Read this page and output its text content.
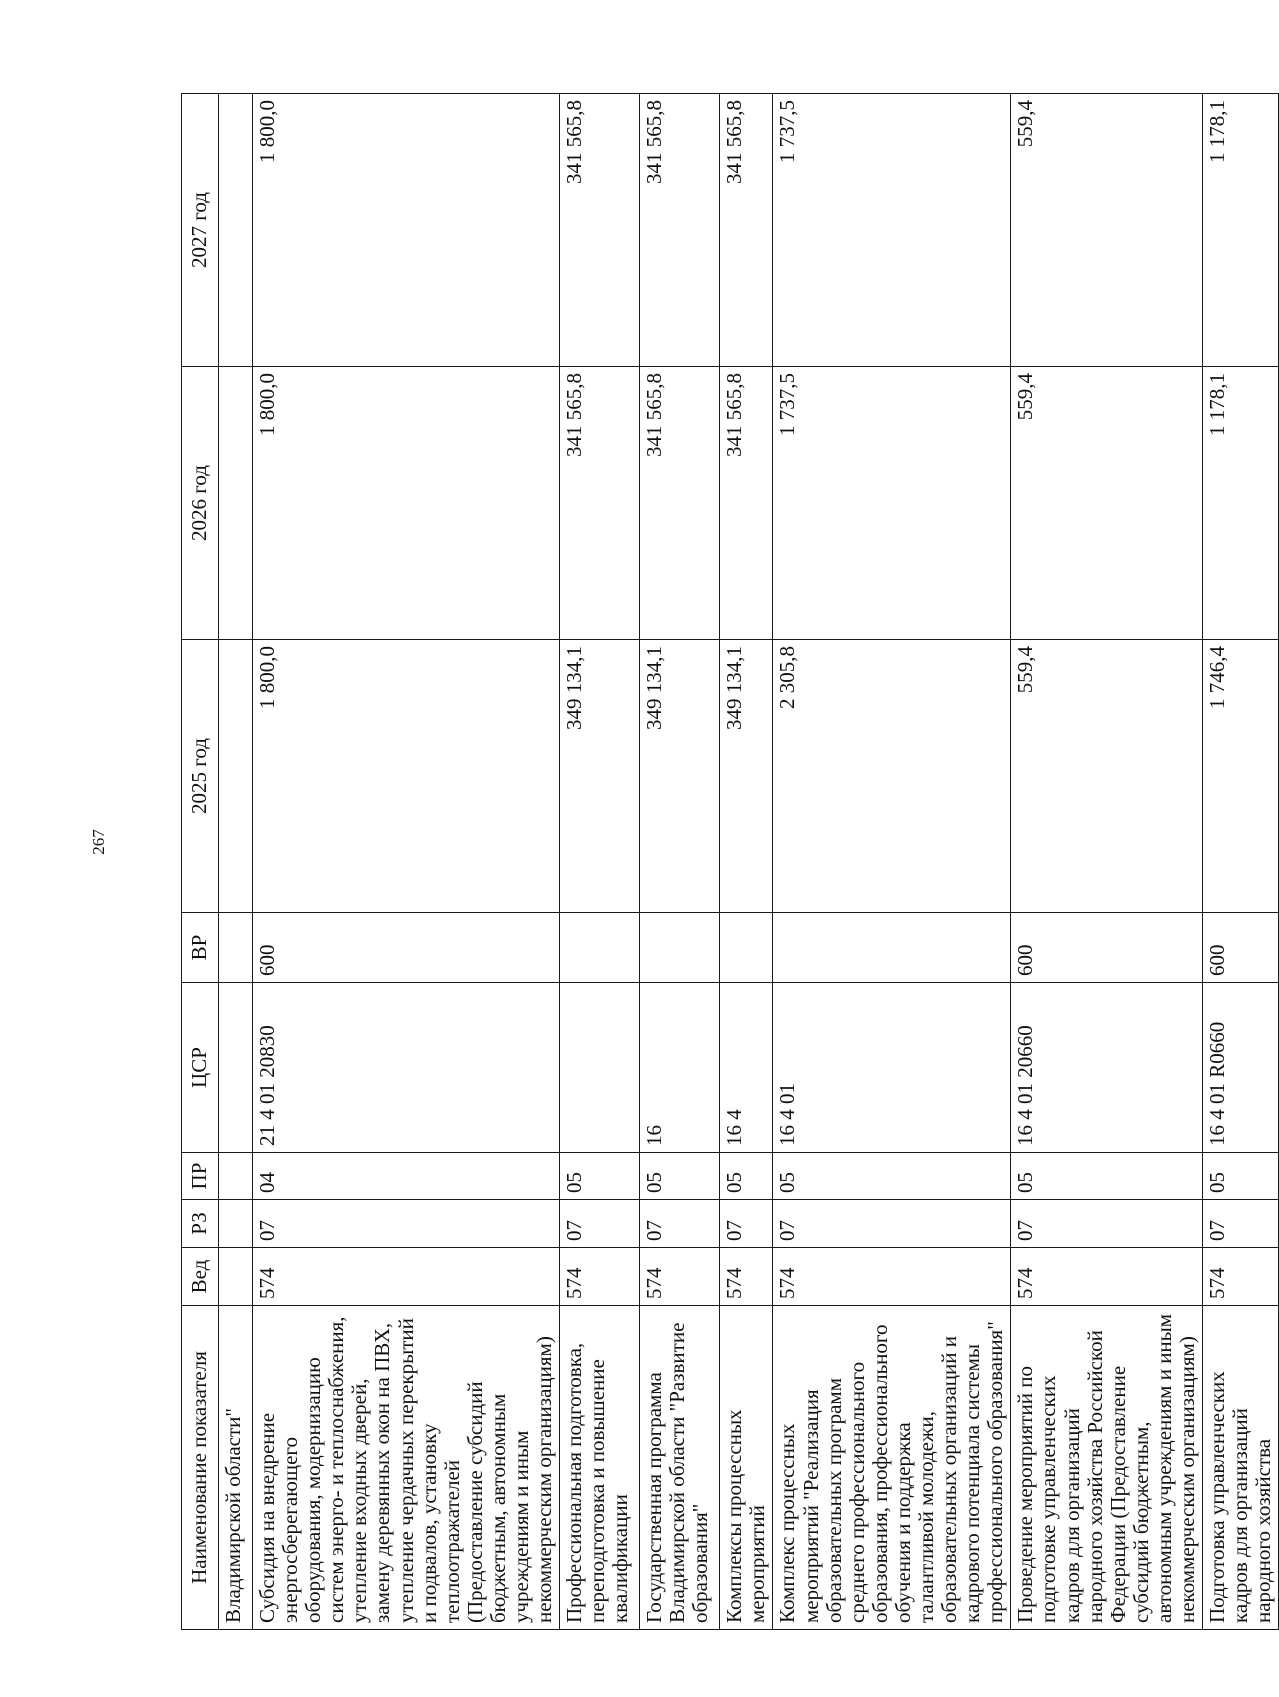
267
Наименование показателя	Вед	РЗ	ПР	ЦСР	ВР	2025 год	2026 год	2027 год
Владимирской области"								
Субсидия на внедрение энергосберегающего оборудования, модернизацию систем энерго- и теплоснабжения, утепление входных дверей, замену деревянных окон на ПВХ, утепление чердачных перекрытий и подвалов, установку теплоотражателей (Предоставление субсидий бюджетным, автономным учреждениям и иным некоммерческим организациям)	574	07	04	21 4 01 20830	600	1 800,0	1 800,0	1 800,0
Профессиональная подготовка, переподготовка и повышение квалификации	574	07	05			349 134,1	341 565,8	341 565,8
Государственная программа Владимирской области "Развитие образования"	574	07	05	16		349 134,1	341 565,8	341 565,8
Комплексы процессных мероприятий	574	07	05	16 4		349 134,1	341 565,8	341 565,8
Комплекс процессных мероприятий "Реализация образовательных программ среднего профессионального образования, профессионального обучения и поддержка талантливой молодежи, образовательных организаций и кадрового потенциала системы профессионального образования"	574	07	05	16 4 01		2 305,8	1 737,5	1 737,5
Проведение мероприятий по подготовке управленческих кадров для организаций народного хозяйства Российской Федерации (Предоставление субсидий бюджетным, автономным учреждениям и иным некоммерческим организациям)	574	07	05	16 4 01 20660	600	559,4	559,4	559,4
Подготовка управленческих кадров для организаций народного хозяйства	574	07	05	16 4 01 R0660	600	1 746,4	1 178,1	1 178,1
